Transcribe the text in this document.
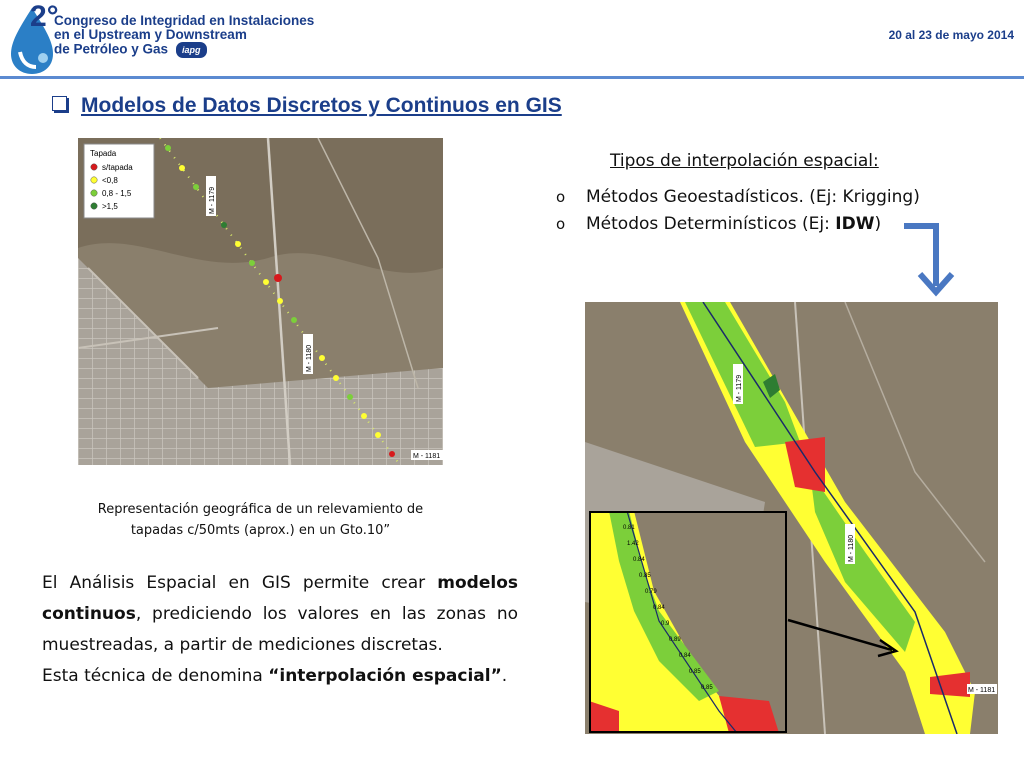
2°
Congreso de Integridad en Instalaciones
en el Upstream y Downstream
de Petróleo y Gas iapg
20 al 23 de mayo 2014
Modelos de Datos Discretos y Continuos en GIS
Tapada
s/tapada
<0,8
0,8 - 1,5
>1,5	M - 1179
M - 1180
M - 1181
Representación geográfica de un relevamiento de
tapadas c/50mts (aprox.) en un Gto.10”
El Análisis Espacial en GIS permite crear modelos continuos, prediciendo los valores en las zonas no muestreadas, a partir de mediciones discretas.
Esta técnica de denomina “interpolación espacial”.
Tipos de interpolación espacial:
o Métodos Geoestadísticos. (Ej: Krigging)
o Métodos Determinísticos (Ej: IDW)
M - 1179
M - 1180
M - 1181
0.81
1.42
0.84
0.85
0.79
0.84
0.9
0.89
0.84
0.85
0.85
